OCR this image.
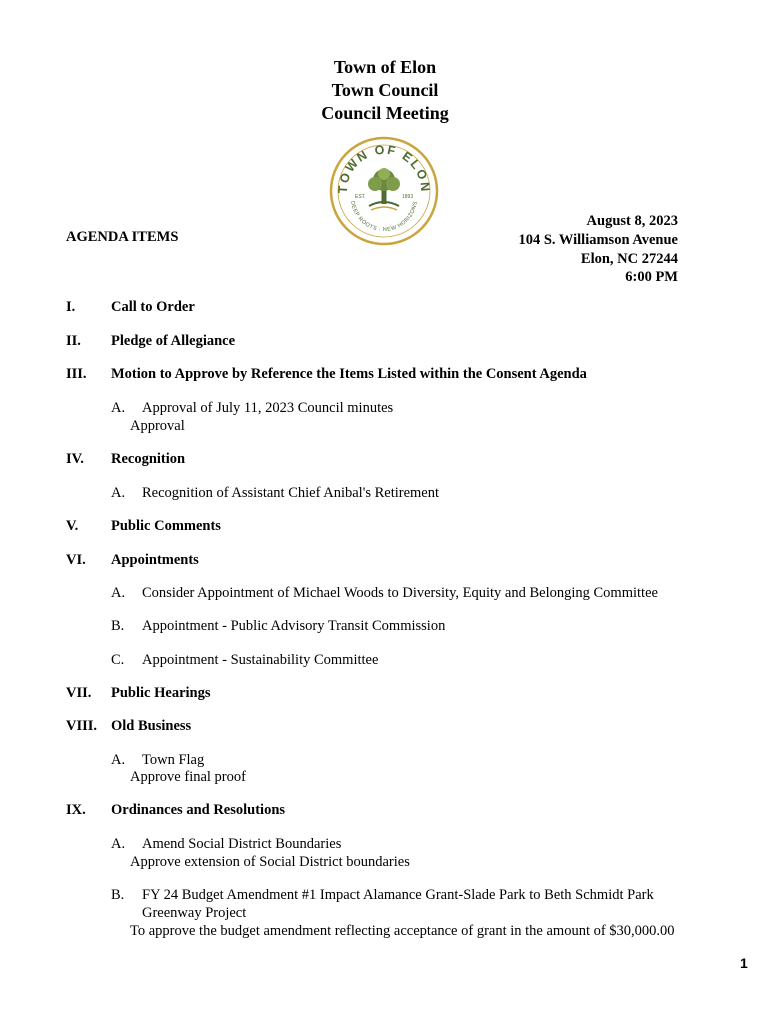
Town of Elon
Town Council
Council Meeting
TOWN OF ELON
DEEP ROOTS · NEW HORIZONS
EST.	1893
AGENDA ITEMS
August 8, 2023
104 S. Williamson Avenue
Elon, NC 27244
6:00 PM
I. Call to Order
II. Pledge of Allegiance
III. Motion to Approve by Reference the Items Listed within the Consent Agenda
A. Approval of July 11, 2023 Council minutes
Approval
IV. Recognition
A. Recognition of Assistant Chief Anibal's Retirement
V. Public Comments
VI. Appointments
A. Consider Appointment of Michael Woods to Diversity, Equity and Belonging Committee
B. Appointment - Public Advisory Transit Commission
C. Appointment - Sustainability Committee
VII. Public Hearings
VIII. Old Business
A. Town Flag
Approve final proof
IX. Ordinances and Resolutions
A. Amend Social District Boundaries
Approve extension of Social District boundaries
B. FY 24 Budget Amendment #1 Impact Alamance Grant-Slade Park to Beth Schmidt Park
Greenway Project
To approve the budget amendment reflecting acceptance of grant in the amount of $30,000.00
1
